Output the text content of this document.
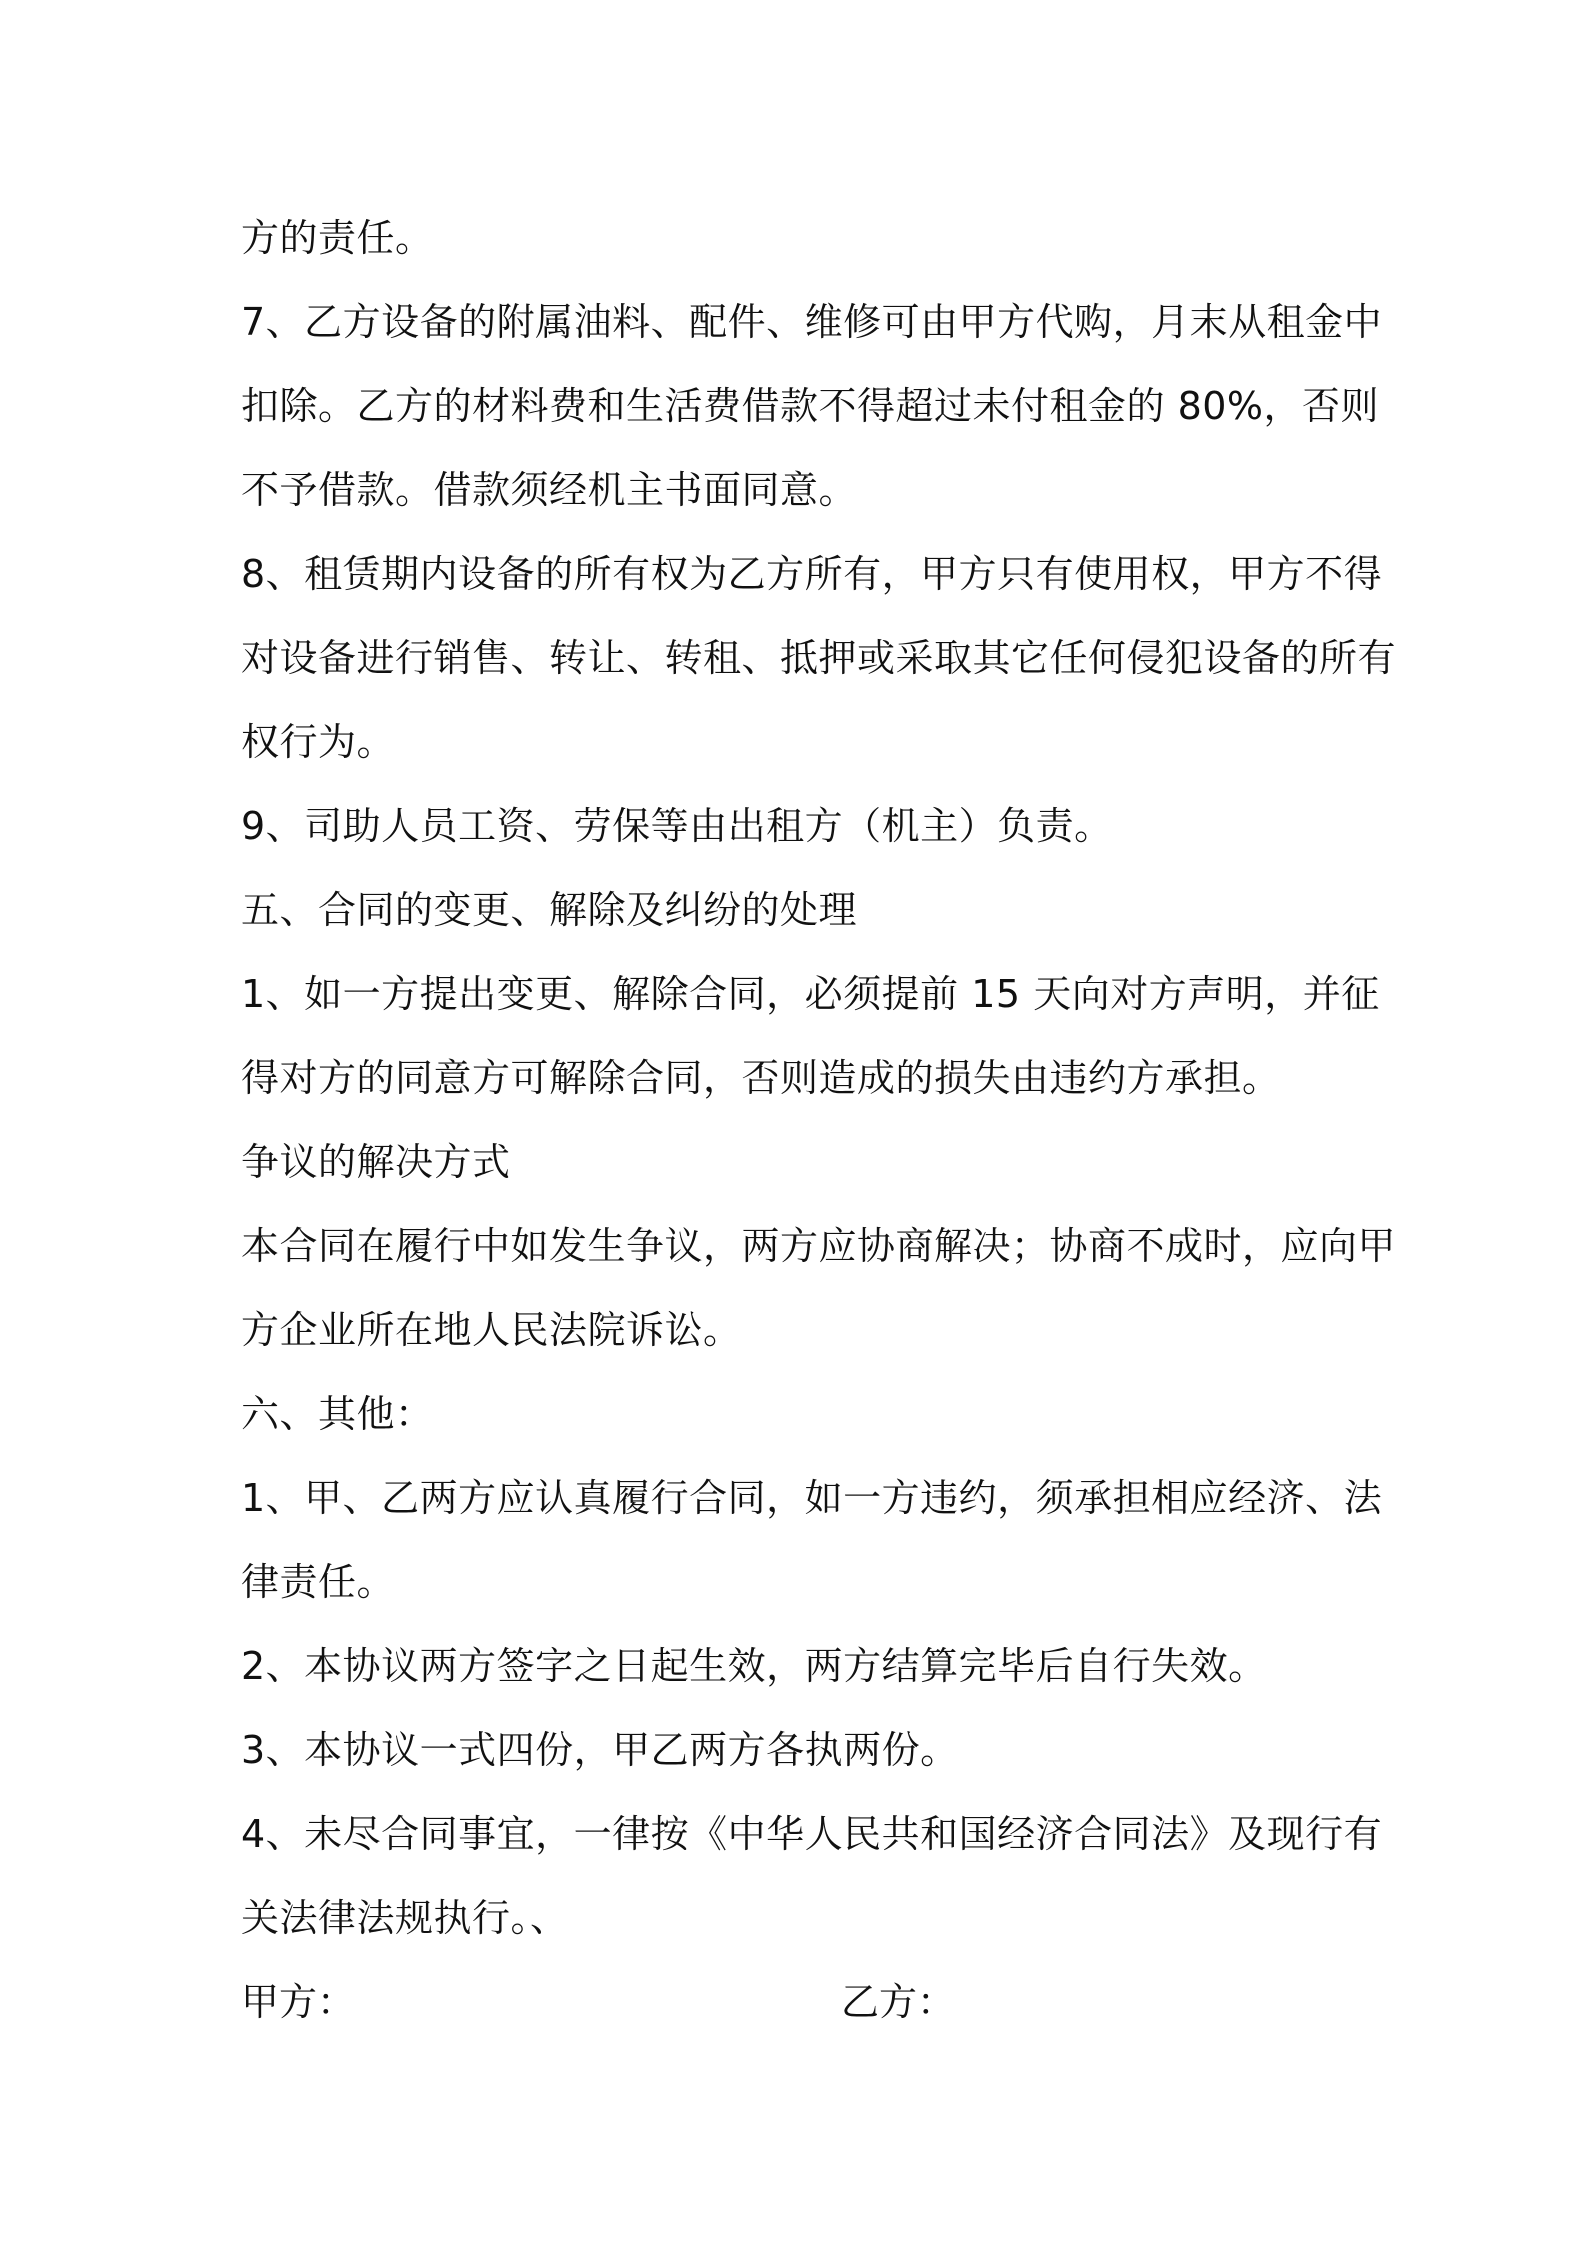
方的责任。
7、乙方设备的附属油料、配件、维修可由甲方代购，月末从租金中
扣除。乙方的材料费和生活费借款不得超过未付租金的 80%，否则
不予借款。借款须经机主书面同意。
8、租赁期内设备的所有权为乙方所有，甲方只有使用权，甲方不得
对设备进行销售、转让、转租、抵押或采取其它任何侵犯设备的所有
权行为。
9、司助人员工资、劳保等由出租方（机主）负责。
五、合同的变更、解除及纠纷的处理
1、如一方提出变更、解除合同，必须提前 15 天向对方声明，并征
得对方的同意方可解除合同，否则造成的损失由违约方承担。
争议的解决方式
本合同在履行中如发生争议，两方应协商解决；协商不成时，应向甲
方企业所在地人民法院诉讼。
六、其他：
1、甲、乙两方应认真履行合同，如一方违约，须承担相应经济、法
律责任。
2、本协议两方签字之日起生效，两方结算完毕后自行失效。
3、本协议一式四份，甲乙两方各执两份。
4、未尽合同事宜，一律按《中华人民共和国经济合同法》及现行有
关法律法规执行。、
甲方：	乙方：
